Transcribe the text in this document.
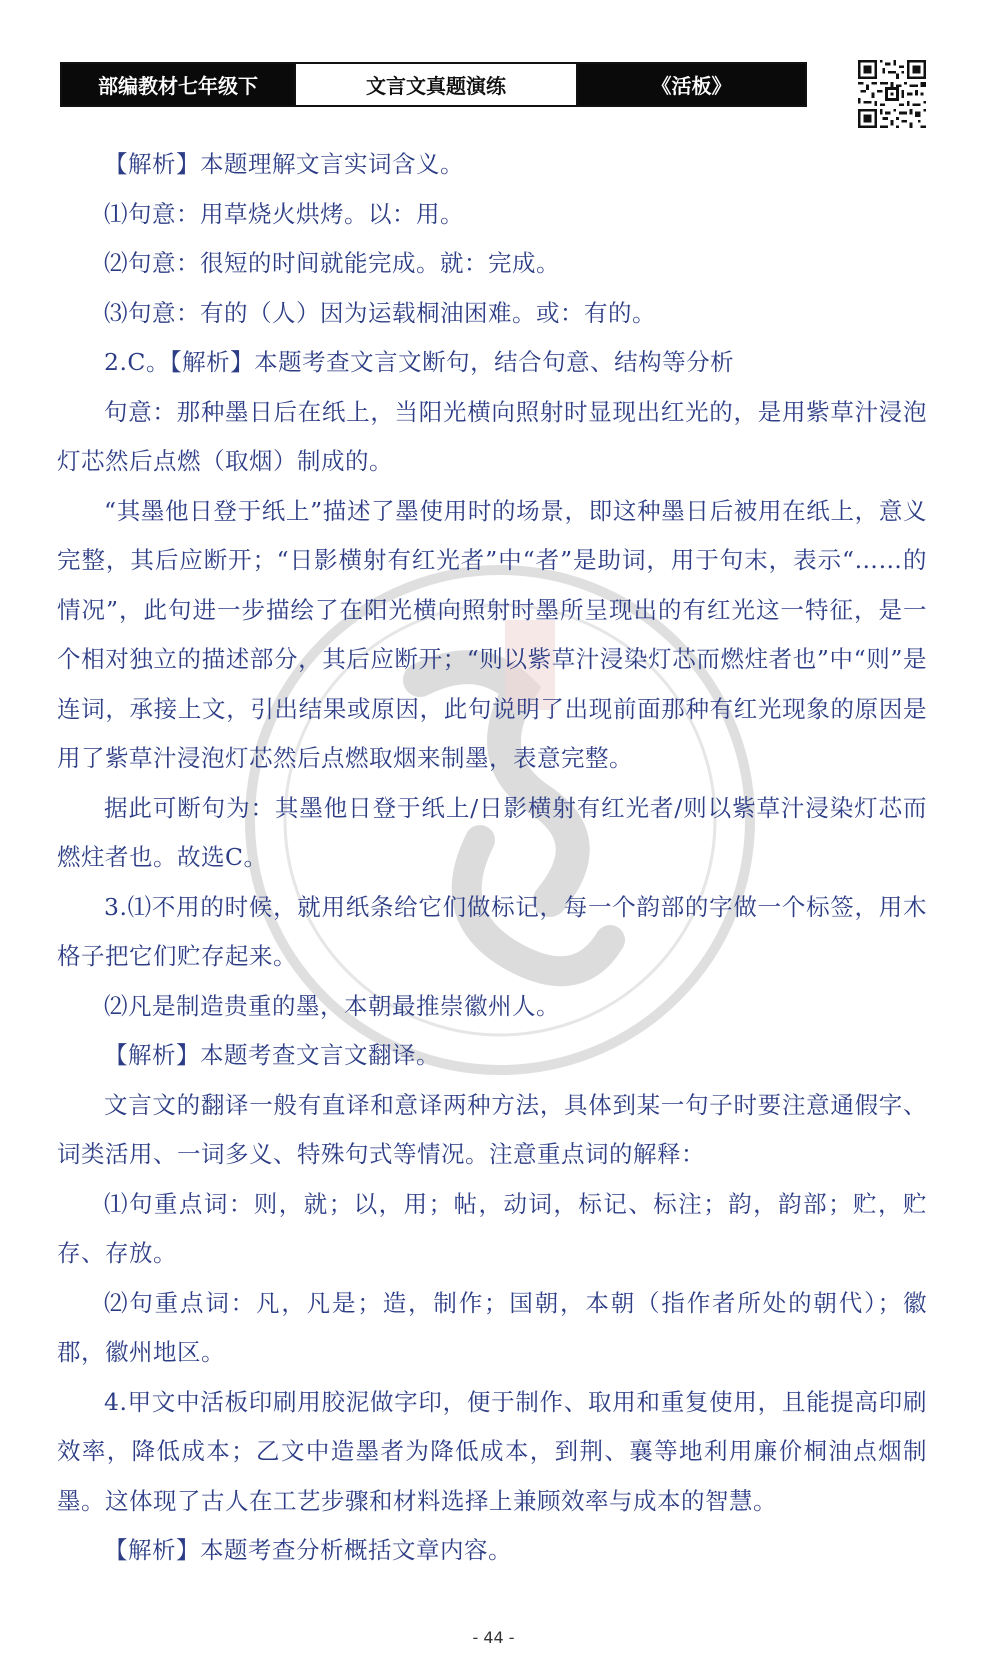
部编教材七年级下	文言文真题演练	《活板》

【解析】本题理解文言实词含义。

⑴句意：用草烧火烘烤。以：用。

⑵句意：很短的时间就能完成。就：完成。

⑶句意：有的（人）因为运载桐油困难。或：有的。

2.C。【解析】本题考查文言文断句，结合句意、结构等分析

句意：那种墨日后在纸上，当阳光横向照射时显现出红光的，是用紫草汁浸泡灯芯然后点燃（取烟）制成的。

“其墨他日登于纸上”描述了墨使用时的场景，即这种墨日后被用在纸上，意义完整，其后应断开；“日影横射有红光者”中“者”是助词，用于句末，表示“……的情况”，此句进一步描绘了在阳光横向照射时墨所呈现出的有红光这一特征，是一个相对独立的描述部分，其后应断开；“则以紫草汁浸染灯芯而燃炷者也”中“则”是连词，承接上文，引出结果或原因，此句说明了出现前面那种有红光现象的原因是用了紫草汁浸泡灯芯然后点燃取烟来制墨，表意完整。

据此可断句为：其墨他日登于纸上/日影横射有红光者/则以紫草汁浸染灯芯而燃炷者也。故选C。

3.⑴不用的时候，就用纸条给它们做标记，每一个韵部的字做一个标签，用木格子把它们贮存起来。

⑵凡是制造贵重的墨，本朝最推崇徽州人。

【解析】本题考查文言文翻译。

文言文的翻译一般有直译和意译两种方法，具体到某一句子时要注意通假字、词类活用、一词多义、特殊句式等情况。注意重点词的解释：

⑴句重点词：则，就；以，用；帖，动词，标记、标注；韵，韵部；贮，贮存、存放。

⑵句重点词：凡，凡是；造，制作；国朝，本朝（指作者所处的朝代）；徽郡，徽州地区。

4.甲文中活板印刷用胶泥做字印，便于制作、取用和重复使用，且能提高印刷效率，降低成本；乙文中造墨者为降低成本，到荆、襄等地利用廉价桐油点烟制墨。这体现了古人在工艺步骤和材料选择上兼顾效率与成本的智慧。

【解析】本题考查分析概括文章内容。

- 44 -
